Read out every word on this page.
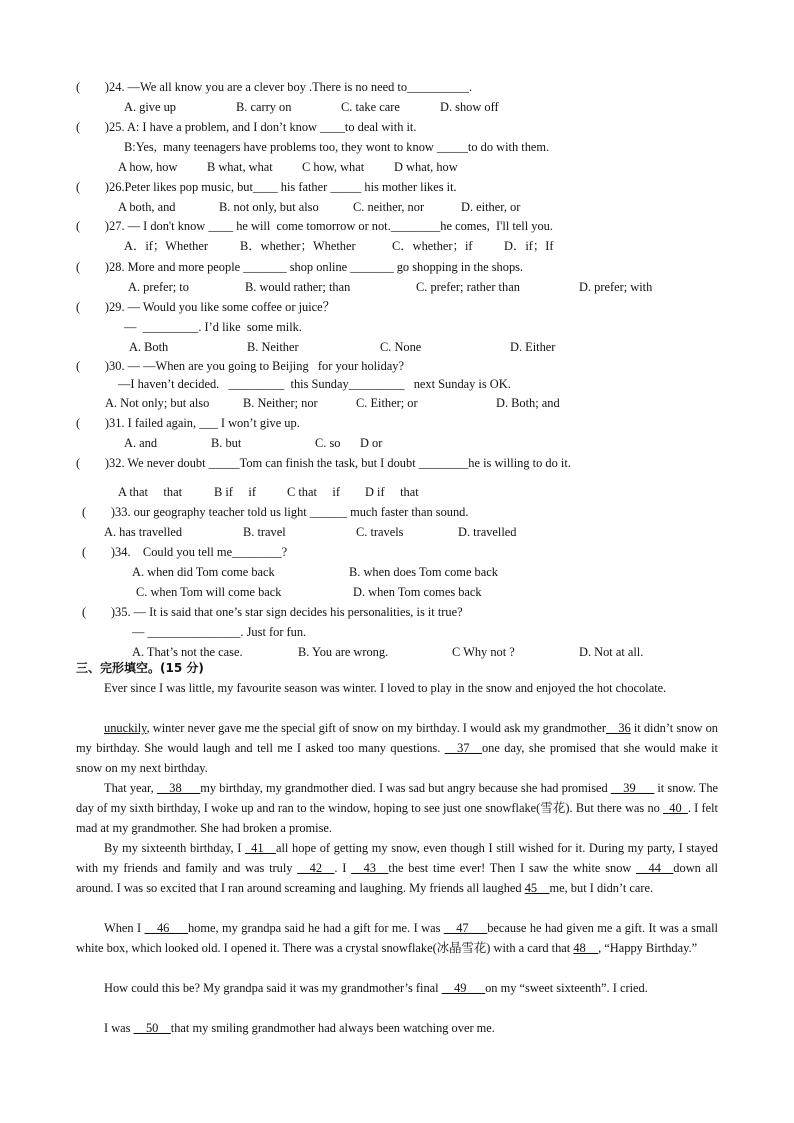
(        )24. —We all know you are a clever boy .There is no need to__________.
A. give up	B. carry on	C. take care	D. show off
(        )25. A: I have a problem, and I don’t know ____to deal with it.
B:Yes,  many teenagers have problems too, they wont to know _____to do with them.
A how, how B what, what C how, what D what, how
(        )26.Peter likes pop music, but____ his father _____ his mother likes it.
A both, and	B. not only, but also	C. neither, nor	D. either, or
(        )27. — I don't know ____ he will  come tomorrow or not.________he comes,  I'll tell you.
A．if；Whether	B．whether；Whether	C．whether；if	D．if；If
(        )28. More and more people _______ shop online _______ go shopping in the shops.
A. prefer; to	B. would rather; than	C. prefer; rather than	D. prefer; with
(        )29. — Would you like some coffee or juice？
—  _________. I’d like  some milk.
A. Both	B. Neither	C. None	D. Either
(        )30. — —When are you going to Beijing   for your holiday?
—I haven’t decided.   _________  this Sunday_________   next Sunday is OK.
A. Not only; but also	B. Neither; nor	C. Either; or	D. Both; and
(        )31. I failed again, ___ I won’t give up.
A. and	B. but	C. so D or
(        )32. We never doubt _____Tom can finish the task, but I doubt ________he is willing to do it.
A that     that	B if     if	C that     if D if     that
(        )33. our geography teacher told us light ______ much faster than sound.
A. has travelled	B. travel	C. travels	D. travelled
(        )34.    Could you tell me________?
A. when did Tom come back	B. when does Tom come back
C. when Tom will come back	D. when Tom comes back
(        )35. — It is said that one’s star sign decides his personalities, is it true?
— _______________. Just for fun.
A. That’s not the case.	B. You are wrong.	C Why not ?	D. Not at all.
三、完形填空。(15 分)
Ever since I was little, my favourite season was winter. I loved to play in the snow and enjoyed the hot chocolate.
unuckily, winter never gave me the special gift of snow on my birthday. I would ask my grandmother__36 it didn’t snow on my birthday. She would laugh and tell me I asked too many questions. __37__one day, she promised that she would make it snow on my next birthday.
That year, __38___my birthday, my grandmother died. I was sad but angry because she had promised __39___ it snow. The day of my sixth birthday, I woke up and ran to the window, hoping to see just one snowflake(雪花). But there was no _40_. I felt mad at my grandmother. She had broken a promise.
By my sixteenth birthday, I _41__all hope of getting my snow, even though I still wished for it. During my party, I stayed with my friends and family and was truly __42__. I __43__the best time ever! Then I saw the white snow __44__down all around. I was so excited that I ran around screaming and laughing. My friends all laughed 45__me, but I didn’t care.
When I __46___home, my grandpa said he had a gift for me. I was __47___because he had given me a gift. It was a small white box, which looked old. I opened it. There was a crystal snowflake(冰晶雪花) with a card that 48__, “Happy Birthday.”
How could this be? My grandpa said it was my grandmother’s final __49___on my “sweet sixteenth”. I cried.
I was __50__that my smiling grandmother had always been watching over me.
